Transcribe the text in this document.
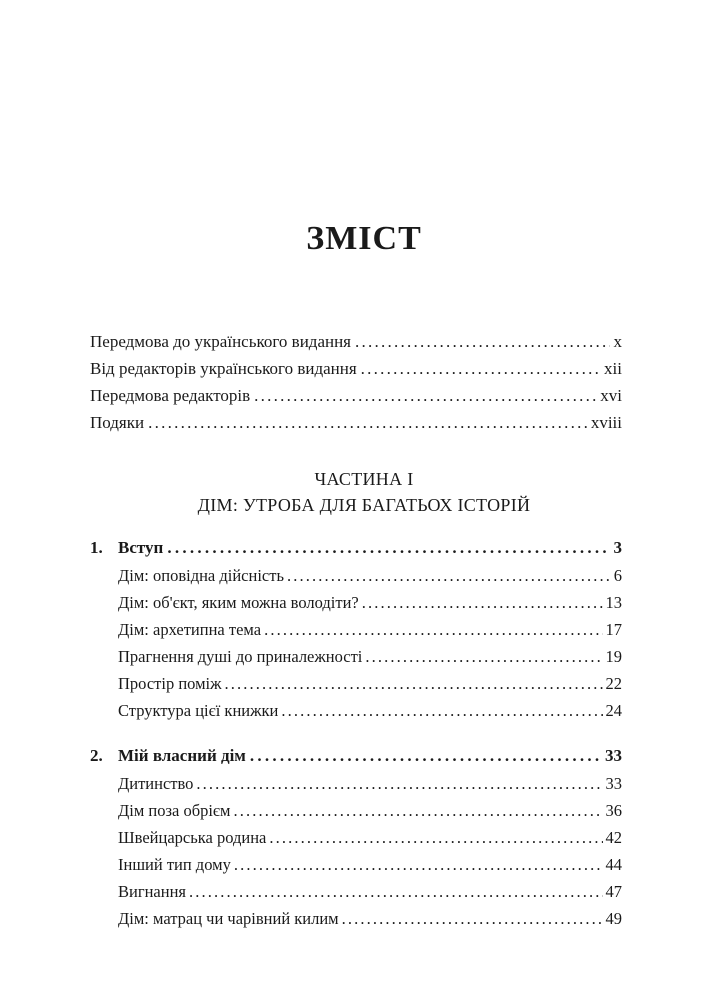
ЗМІСТ
Передмова до українського видання . . .	x
Від редакторів українського видання . . .	xii
Передмова редакторів . . .	xvi
Подяки . . .	xviii
ЧАСТИНА І
ДІМ: УТРОБА ДЛЯ БАГАТЬОХ ІСТОРІЙ
1. Вступ . . .	3
Дім: оповідна дійсність . . .	6
Дім: об'єкт, яким можна володіти? . . .	13
Дім: архетипна тема . . .	17
Прагнення душі до приналежності . . .	19
Простір поміж . . .	22
Структура цієї книжки . . .	24
2. Мій власний дім . . .	33
Дитинство . . .	33
Дім поза обрієм . . .	36
Швейцарська родина . . .	42
Інший тип дому . . .	44
Вигнання . . .	47
Дім: матрац чи чарівний килим . . .	49
